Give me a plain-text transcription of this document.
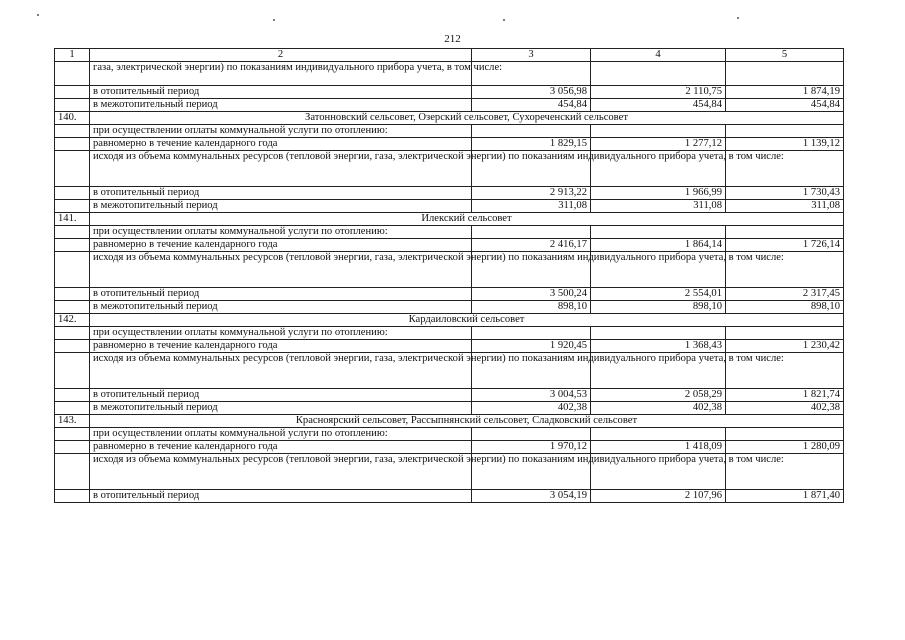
212
1	2	3	4	5
	газа, электрической энергии) по показаниям индивидуального прибора учета, в том числе:			
	в отопительный период	3 056,98	2 110,75	1 874,19
	в межотопительный период	454,84	454,84	454,84
140.	Затонновский сельсовет, Озерский сельсовет, Сухореченский сельсовет			
	при осуществлении оплаты коммунальной услуги по отоплению:			
	равномерно в течение календарного года	1 829,15	1 277,12	1 139,12
	исходя из объема коммунальных ресурсов (тепловой энергии, газа, электрической энергии) по показаниям индивидуального прибора учета, в том числе:			
	в отопительный период	2 913,22	1 966,99	1 730,43
	в межотопительный период	311,08	311,08	311,08
141.	Илекский сельсовет			
	при осуществлении оплаты коммунальной услуги по отоплению:			
	равномерно в течение календарного года	2 416,17	1 864,14	1 726,14
	исходя из объема коммунальных ресурсов (тепловой энергии, газа, электрической энергии) по показаниям индивидуального прибора учета, в том числе:			
	в отопительный период	3 500,24	2 554,01	2 317,45
	в межотопительный период	898,10	898,10	898,10
142.	Кардаиловский сельсовет			
	при осуществлении оплаты коммунальной услуги по отоплению:			
	равномерно в течение календарного года	1 920,45	1 368,43	1 230,42
	исходя из объема коммунальных ресурсов (тепловой энергии, газа, электрической энергии) по показаниям индивидуального прибора учета, в том числе:			
	в отопительный период	3 004,53	2 058,29	1 821,74
	в межотопительный период	402,38	402,38	402,38
143.	Красноярский сельсовет, Рассыпнянский сельсовет, Сладковский сельсовет			
	при осуществлении оплаты коммунальной услуги по отоплению:			
	равномерно в течение календарного года	1 970,12	1 418,09	1 280,09
	исходя из объема коммунальных ресурсов (тепловой энергии, газа, электрической энергии) по показаниям индивидуального прибора учета, в том числе:			
	в отопительный период	3 054,19	2 107,96	1 871,40
